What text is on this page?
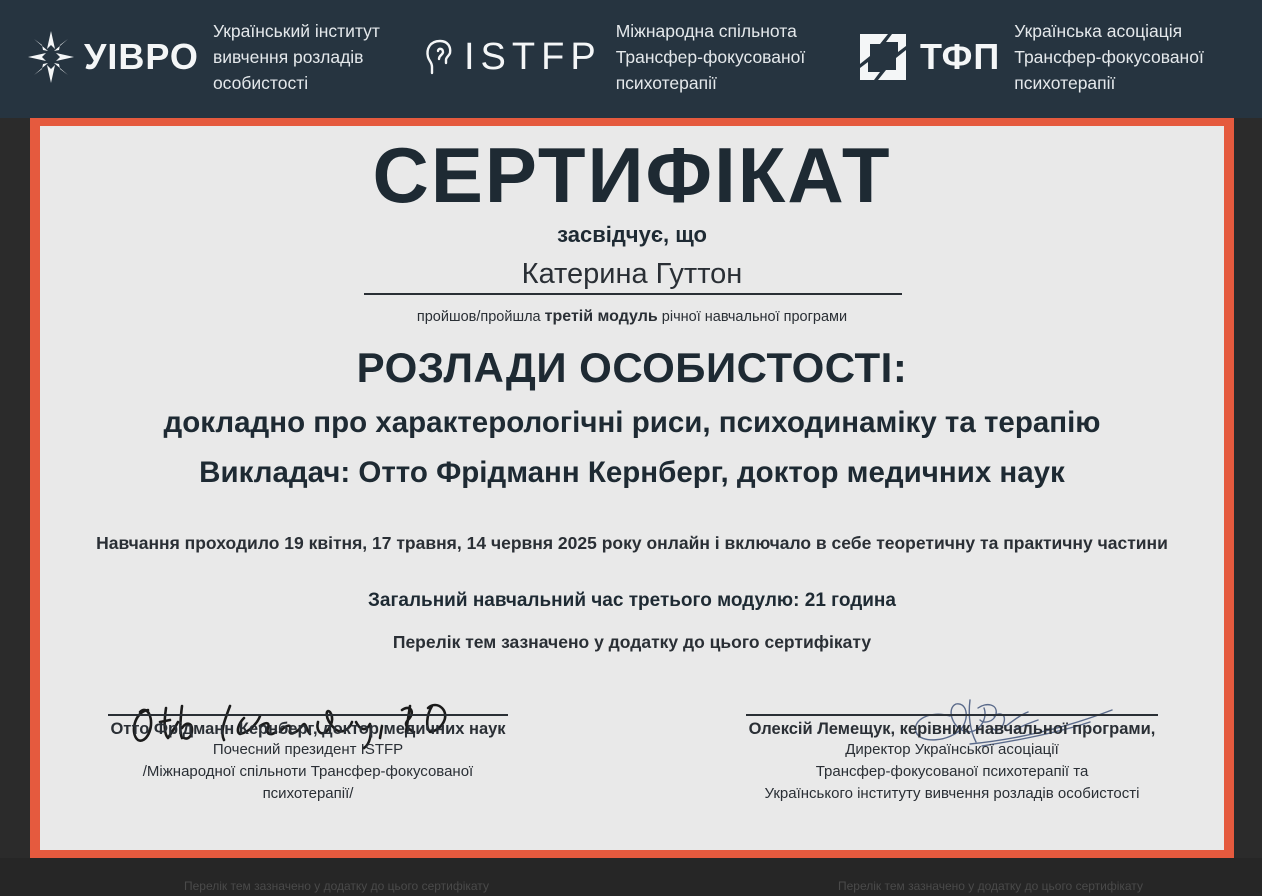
УІВРО
Український інститут
вивчення розладів
особистості
ISTFP
Міжнародна спільнота
Трансфер-фокусованої
психотерапії
ТФП
Українська асоціація
Трансфер-фокусованої
психотерапії
Перелік тем зазначено у додатку до цього сертифікату	Перелік тем зазначено у додатку до цього сертифікату
СЕРТИФІКАТ
засвідчує, що
Катерина Гуттон
пройшов/пройшла третій модуль річної навчальної програми
РОЗЛАДИ ОСОБИСТОСТІ:
докладно про характерологічні риси, психодинаміку та терапію
Викладач: Отто Фрідманн Кернберг, доктор медичних наук
Навчання проходило 19 квітня, 17 травня, 14 червня 2025 року онлайн і включало в себе теоретичну та практичну частини
Загальний навчальний час третього модулю: 21 година
Перелік тем зазначено у додатку до цього сертифікату
Отто Фрідманн Кернберг, доктор медичних наук
Почесний президент ISTFP
/Міжнародної спільноти Трансфер-фокусованої
психотерапії/
Олексій Лемещук, керівник навчальної програми,
Директор Української асоціації
Трансфер-фокусованої психотерапії та
Українського інституту вивчення розладів особистості
